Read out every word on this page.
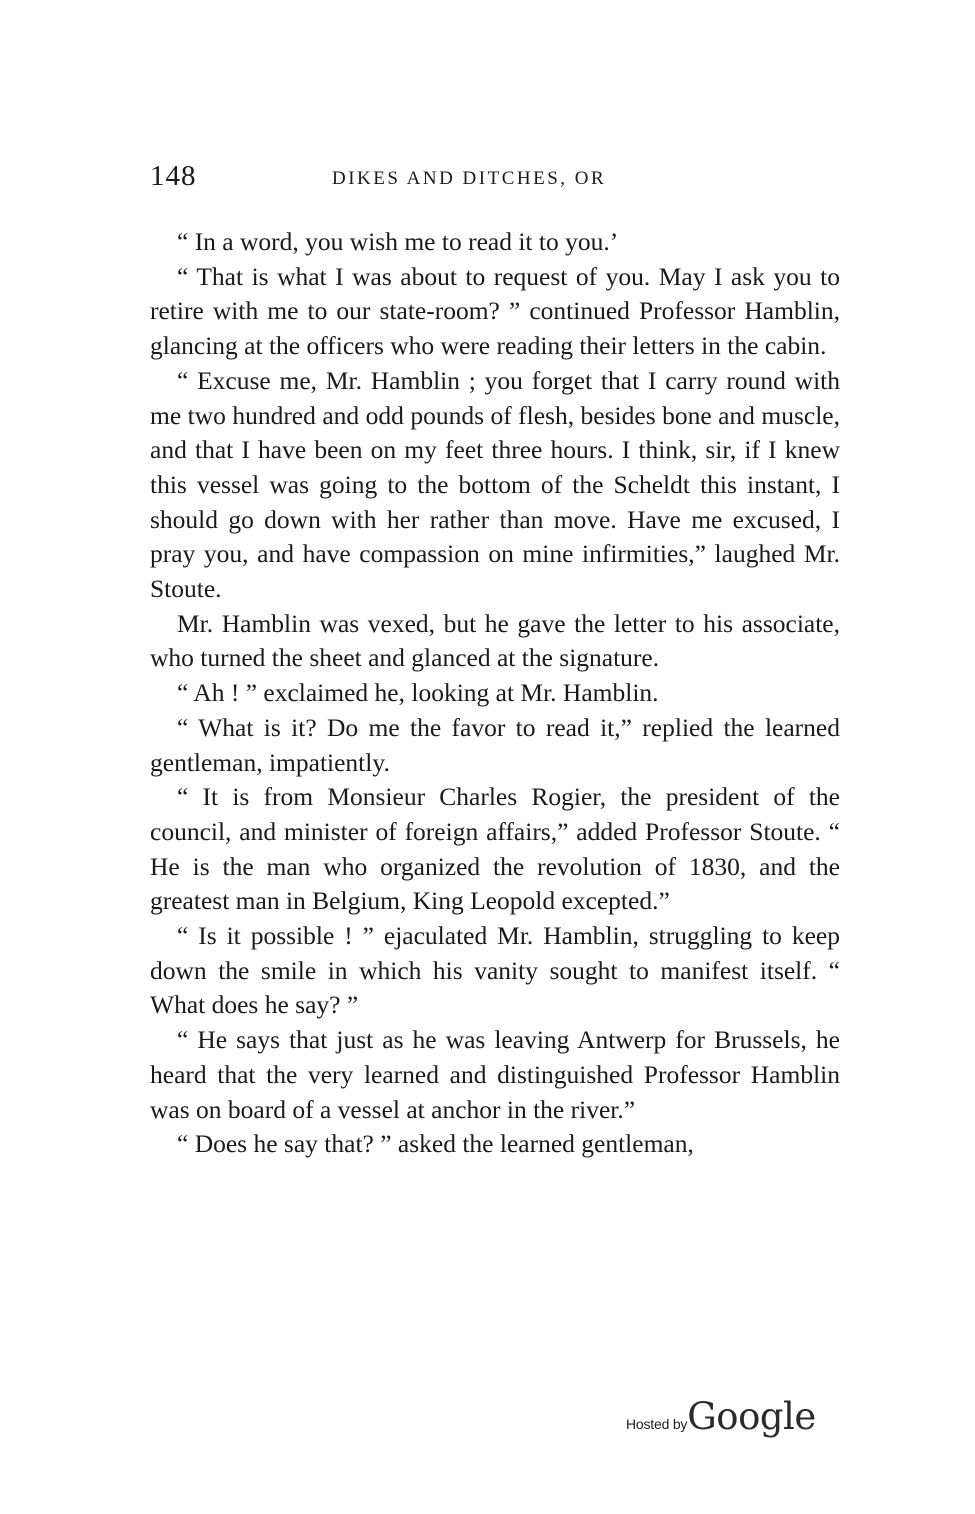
148	DIKES AND DITCHES, OR

“ In a word, you wish me to read it to you.’

“ That is what I was about to request of you. May I ask you to retire with me to our state-room? ” continued Professor Hamblin, glancing at the officers who were reading their letters in the cabin.

“ Excuse me, Mr. Hamblin ; you forget that I carry round with me two hundred and odd pounds of flesh, besides bone and muscle, and that I have been on my feet three hours. I think, sir, if I knew this vessel was going to the bottom of the Scheldt this instant, I should go down with her rather than move. Have me excused, I pray you, and have compassion on mine infirmities,” laughed Mr. Stoute.

Mr. Hamblin was vexed, but he gave the letter to his associate, who turned the sheet and glanced at the signature.

“ Ah ! ” exclaimed he, looking at Mr. Hamblin.

“ What is it? Do me the favor to read it,” replied the learned gentleman, impatiently.

“ It is from Monsieur Charles Rogier, the president of the council, and minister of foreign affairs,” added Professor Stoute. “ He is the man who organized the revolution of 1830, and the greatest man in Belgium, King Leopold excepted.”

“ Is it possible ! ” ejaculated Mr. Hamblin, struggling to keep down the smile in which his vanity sought to manifest itself. “ What does he say? ”

“ He says that just as he was leaving Antwerp for Brussels, he heard that the very learned and distinguished Professor Hamblin was on board of a vessel at anchor in the river.”

“ Does he say that? ” asked the learned gentleman,

Hosted byGoogle
